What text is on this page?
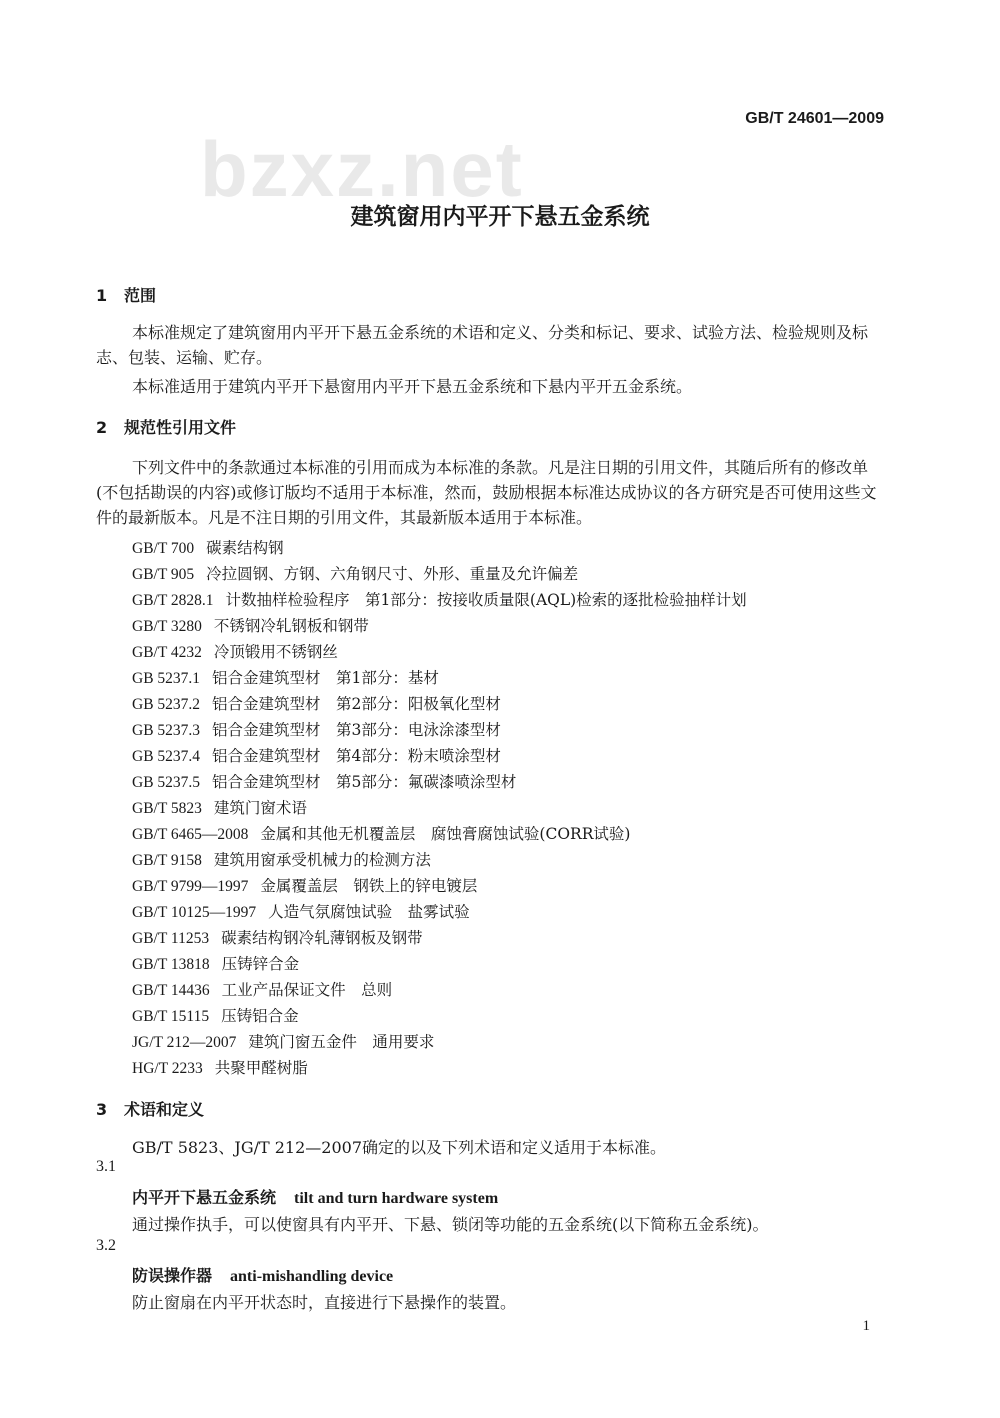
bzxz.net
GB/T 24601—2009
建筑窗用内平开下悬五金系统
1 范围
本标准规定了建筑窗用内平开下悬五金系统的术语和定义、分类和标记、要求、试验方法、检验规则及标志、包装、运输、贮存。
本标准适用于建筑内平开下悬窗用内平开下悬五金系统和下悬内平开五金系统。
2 规范性引用文件
下列文件中的条款通过本标准的引用而成为本标准的条款。凡是注日期的引用文件，其随后所有的修改单(不包括勘误的内容)或修订版均不适用于本标准，然而，鼓励根据本标准达成协议的各方研究是否可使用这些文件的最新版本。凡是不注日期的引用文件，其最新版本适用于本标准。
GB/T 700 碳素结构钢
GB/T 905 冷拉圆钢、方钢、六角钢尺寸、外形、重量及允许偏差
GB/T 2828.1 计数抽样检验程序　第1部分：按接收质量限(AQL)检索的逐批检验抽样计划
GB/T 3280 不锈钢冷轧钢板和钢带
GB/T 4232 冷顶锻用不锈钢丝
GB 5237.1 铝合金建筑型材　第1部分：基材
GB 5237.2 铝合金建筑型材　第2部分：阳极氧化型材
GB 5237.3 铝合金建筑型材　第3部分：电泳涂漆型材
GB 5237.4 铝合金建筑型材　第4部分：粉末喷涂型材
GB 5237.5 铝合金建筑型材　第5部分：氟碳漆喷涂型材
GB/T 5823 建筑门窗术语
GB/T 6465—2008 金属和其他无机覆盖层　腐蚀膏腐蚀试验(CORR试验)
GB/T 9158 建筑用窗承受机械力的检测方法
GB/T 9799—1997 金属覆盖层　钢铁上的锌电镀层
GB/T 10125—1997 人造气氛腐蚀试验　盐雾试验
GB/T 11253 碳素结构钢冷轧薄钢板及钢带
GB/T 13818 压铸锌合金
GB/T 14436 工业产品保证文件　总则
GB/T 15115 压铸铝合金
JG/T 212—2007 建筑门窗五金件　通用要求
HG/T 2233 共聚甲醛树脂
3 术语和定义
GB/T 5823、JG/T 212—2007确定的以及下列术语和定义适用于本标准。
3.1
内平开下悬五金系统 tilt and turn hardware system
通过操作执手，可以使窗具有内平开、下悬、锁闭等功能的五金系统(以下简称五金系统)。
3.2
防误操作器 anti-mishandling device
防止窗扇在内平开状态时，直接进行下悬操作的装置。
1
